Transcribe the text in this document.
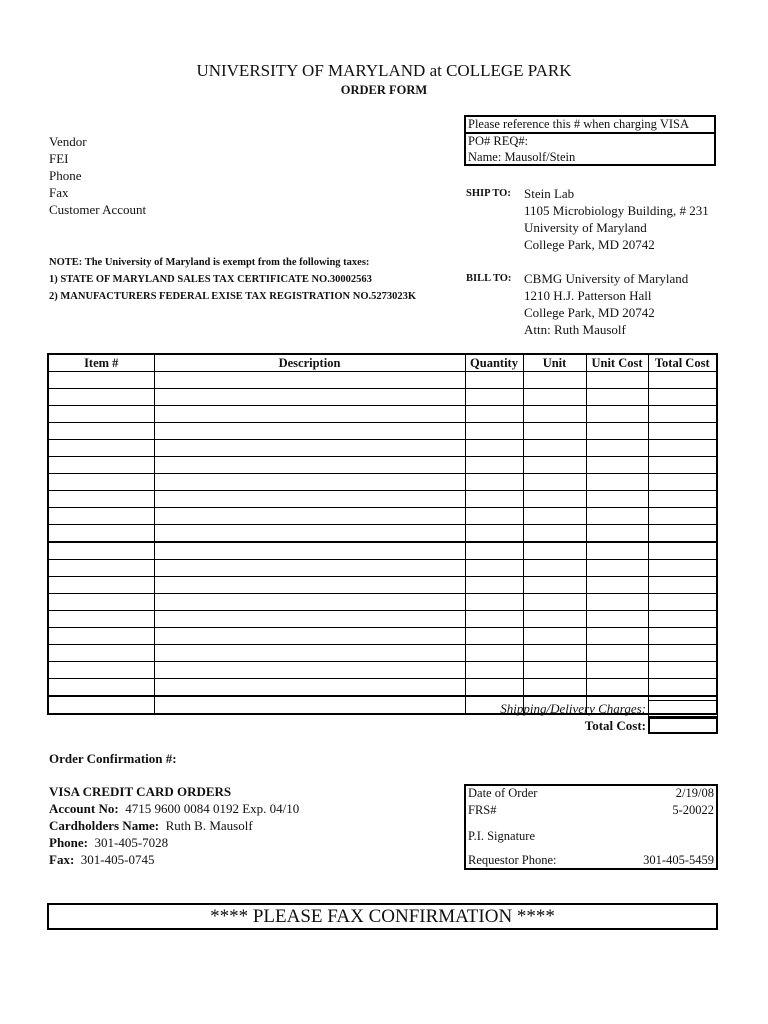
UNIVERSITY OF MARYLAND at COLLEGE PARK
ORDER FORM
Vendor
FEI
Phone
Fax
Customer Account
Please reference this # when charging VISA
PO# REQ#:
Name: Mausolf/Stein
NOTE: The University of Maryland is exempt from the following taxes:
1) STATE OF MARYLAND SALES TAX CERTIFICATE NO.30002563
2) MANUFACTURERS FEDERAL EXISE TAX REGISTRATION NO.5273023K
SHIP TO: Stein Lab
1105 Microbiology Building, # 231
University of Maryland
College Park, MD 20742
BILL TO: CBMG University of Maryland
1210 H.J. Patterson Hall
College Park, MD 20742
Attn: Ruth Mausolf
Item #	Description	Quantity	Unit	Unit Cost	Total Cost

Shipping/Delivery Charges:
Total Cost:
Order Confirmation #:
VISA CREDIT CARD ORDERS
Account No: 4715 9600 0084 0192 Exp. 04/10
Cardholders Name: Ruth B. Mausolf
Phone: 301-405-7028
Fax: 301-405-0745
Date of Order	2/19/08
FRS#	5-20022
P.I. Signature
Requestor Phone:	301-405-5459
**** PLEASE FAX CONFIRMATION ****
